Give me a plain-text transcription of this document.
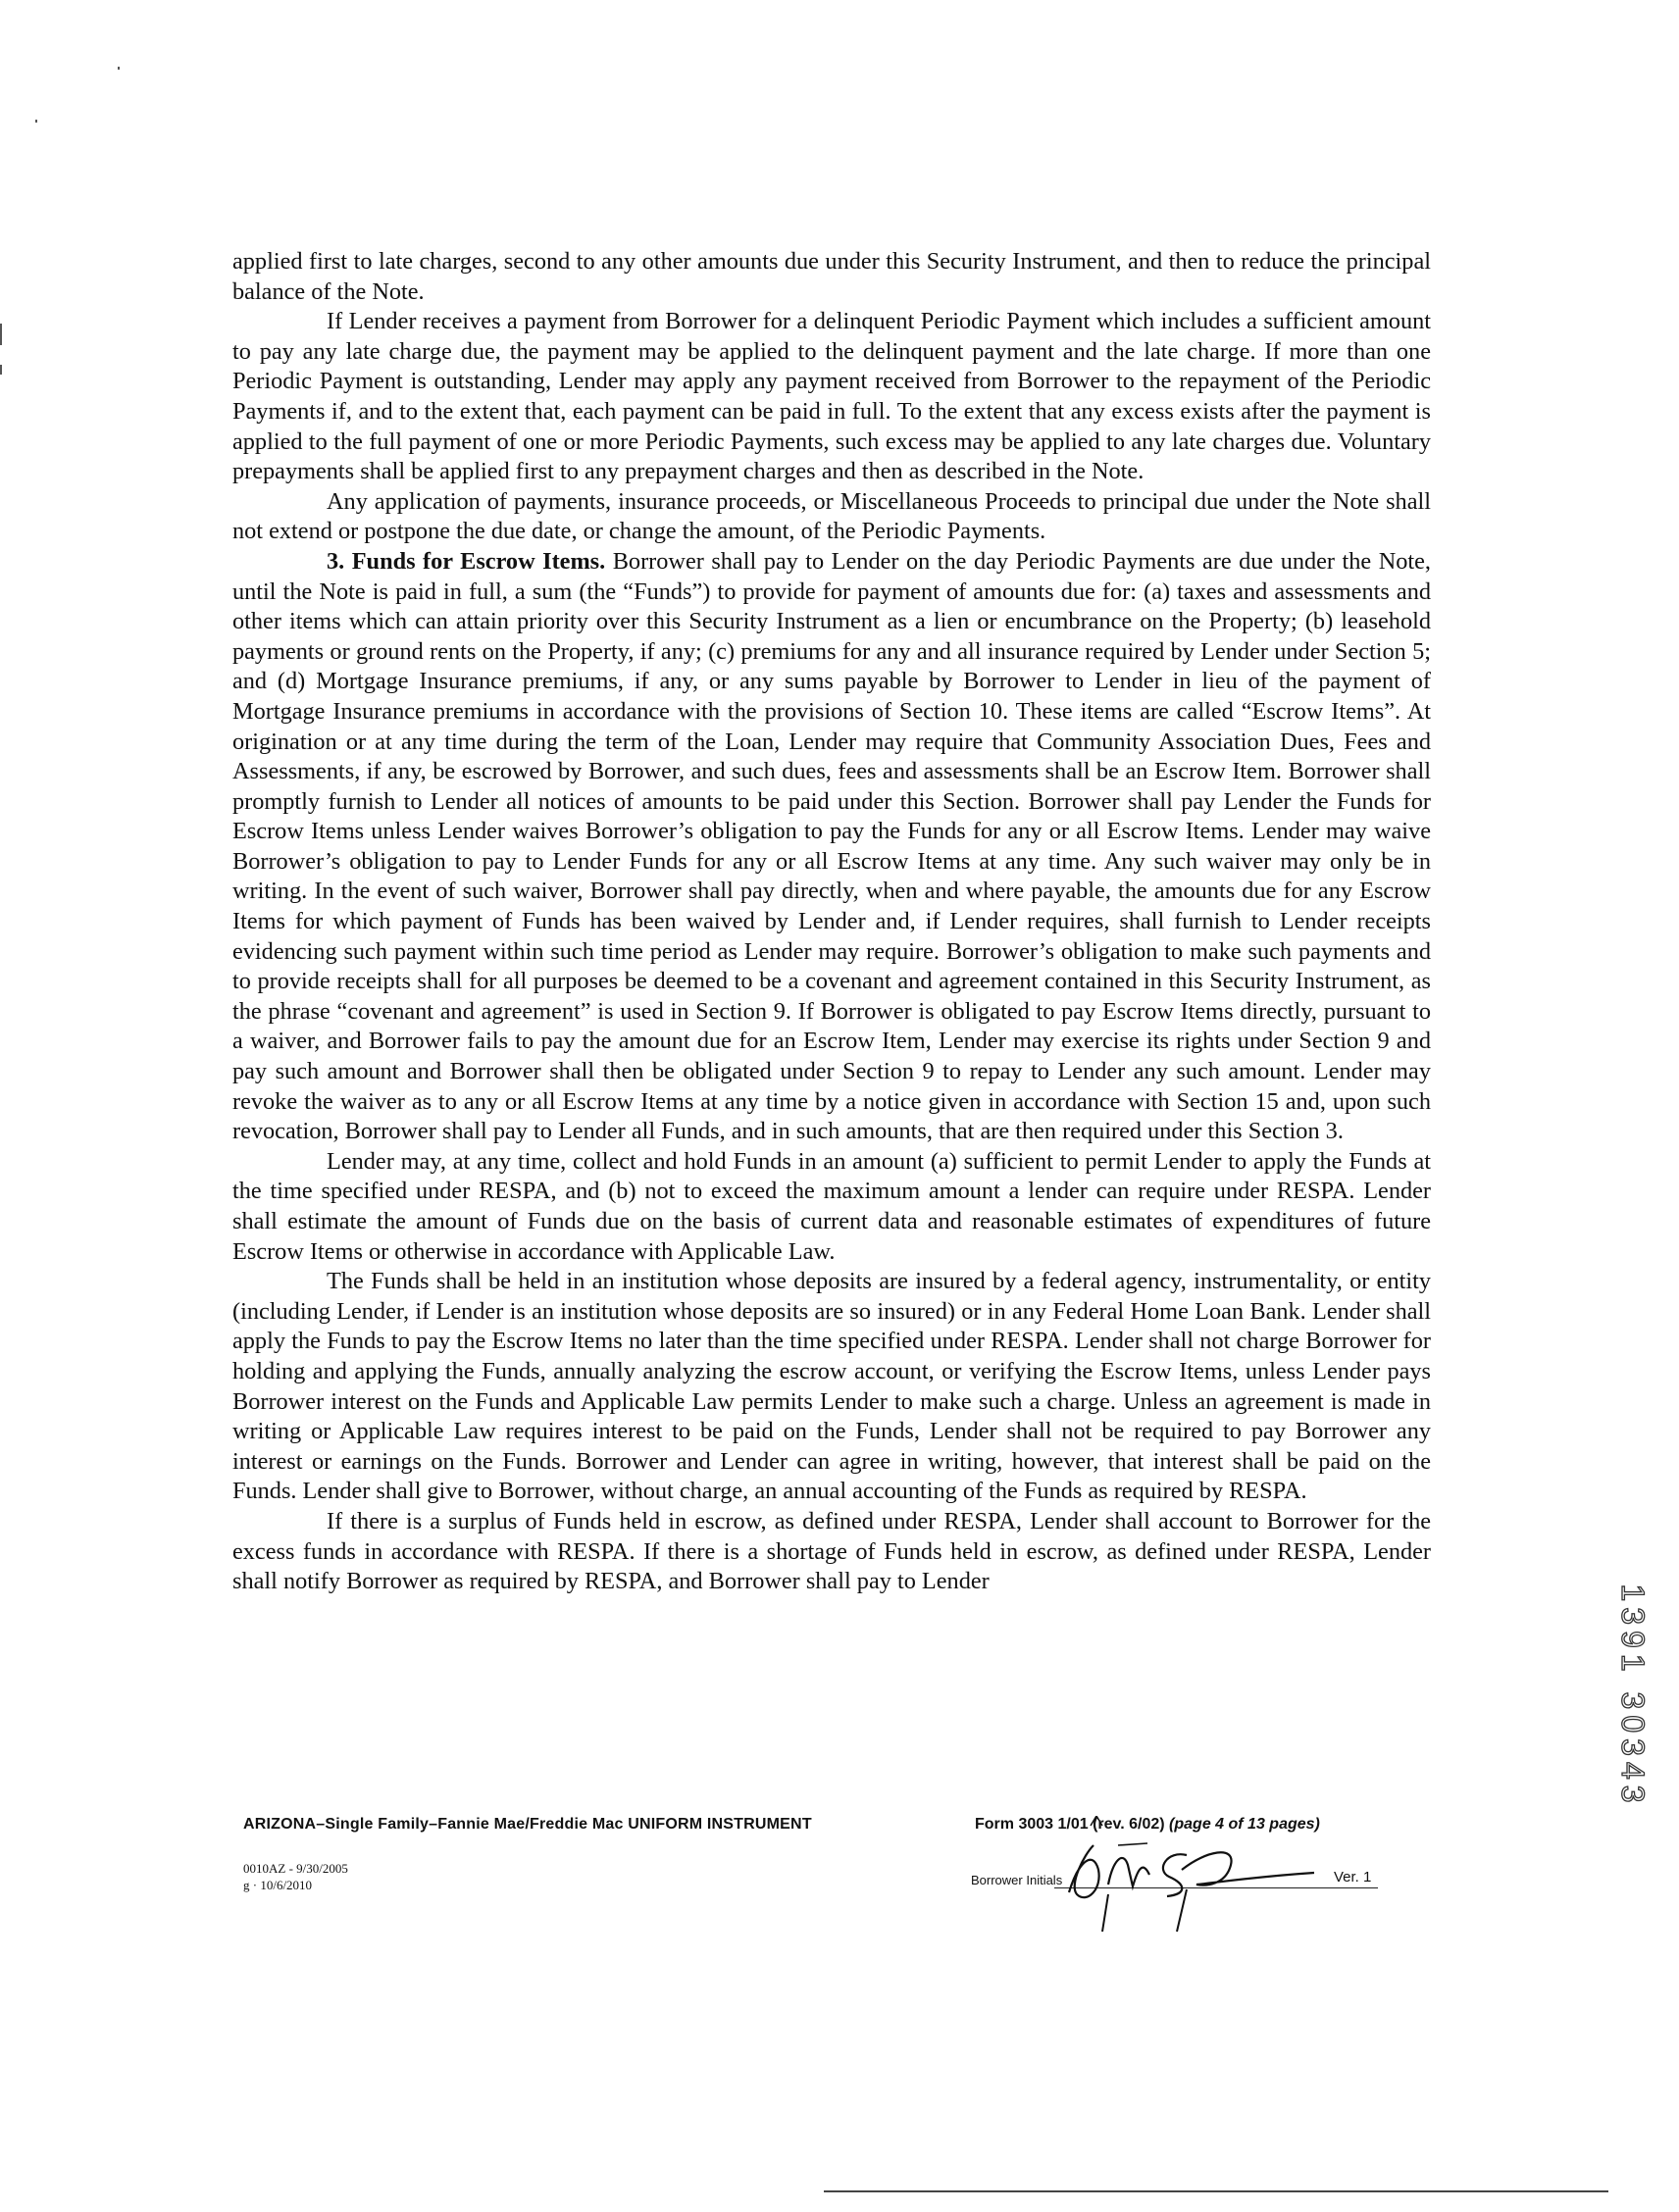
applied first to late charges, second to any other amounts due under this Security Instrument, and then to reduce the principal balance of the Note.

If Lender receives a payment from Borrower for a delinquent Periodic Payment which includes a sufficient amount to pay any late charge due, the payment may be applied to the delinquent payment and the late charge. If more than one Periodic Payment is outstanding, Lender may apply any payment received from Borrower to the repayment of the Periodic Payments if, and to the extent that, each payment can be paid in full. To the extent that any excess exists after the payment is applied to the full payment of one or more Periodic Payments, such excess may be applied to any late charges due. Voluntary prepayments shall be applied first to any prepayment charges and then as described in the Note.

Any application of payments, insurance proceeds, or Miscellaneous Proceeds to principal due under the Note shall not extend or postpone the due date, or change the amount, of the Periodic Payments.

3. Funds for Escrow Items. Borrower shall pay to Lender on the day Periodic Payments are due under the Note, until the Note is paid in full, a sum (the “Funds”) to provide for payment of amounts due for: (a) taxes and assessments and other items which can attain priority over this Security Instrument as a lien or encumbrance on the Property; (b) leasehold payments or ground rents on the Property, if any; (c) premiums for any and all insurance required by Lender under Section 5; and (d) Mortgage Insurance premiums, if any, or any sums payable by Borrower to Lender in lieu of the payment of Mortgage Insurance premiums in accordance with the provisions of Section 10. These items are called “Escrow Items”. At origination or at any time during the term of the Loan, Lender may require that Community Association Dues, Fees and Assessments, if any, be escrowed by Borrower, and such dues, fees and assessments shall be an Escrow Item. Borrower shall promptly furnish to Lender all notices of amounts to be paid under this Section. Borrower shall pay Lender the Funds for Escrow Items unless Lender waives Borrower’s obligation to pay the Funds for any or all Escrow Items. Lender may waive Borrower’s obligation to pay to Lender Funds for any or all Escrow Items at any time. Any such waiver may only be in writing. In the event of such waiver, Borrower shall pay directly, when and where payable, the amounts due for any Escrow Items for which payment of Funds has been waived by Lender and, if Lender requires, shall furnish to Lender receipts evidencing such payment within such time period as Lender may require. Borrower’s obligation to make such payments and to provide receipts shall for all purposes be deemed to be a covenant and agreement contained in this Security Instrument, as the phrase “covenant and agreement” is used in Section 9. If Borrower is obligated to pay Escrow Items directly, pursuant to a waiver, and Borrower fails to pay the amount due for an Escrow Item, Lender may exercise its rights under Section 9 and pay such amount and Borrower shall then be obligated under Section 9 to repay to Lender any such amount. Lender may revoke the waiver as to any or all Escrow Items at any time by a notice given in accordance with Section 15 and, upon such revocation, Borrower shall pay to Lender all Funds, and in such amounts, that are then required under this Section 3.

Lender may, at any time, collect and hold Funds in an amount (a) sufficient to permit Lender to apply the Funds at the time specified under RESPA, and (b) not to exceed the maximum amount a lender can require under RESPA. Lender shall estimate the amount of Funds due on the basis of current data and reasonable estimates of expenditures of future Escrow Items or otherwise in accordance with Applicable Law.

The Funds shall be held in an institution whose deposits are insured by a federal agency, instrumentality, or entity (including Lender, if Lender is an institution whose deposits are so insured) or in any Federal Home Loan Bank. Lender shall apply the Funds to pay the Escrow Items no later than the time specified under RESPA. Lender shall not charge Borrower for holding and applying the Funds, annually analyzing the escrow account, or verifying the Escrow Items, unless Lender pays Borrower interest on the Funds and Applicable Law permits Lender to make such a charge. Unless an agreement is made in writing or Applicable Law requires interest to be paid on the Funds, Lender shall not be required to pay Borrower any interest or earnings on the Funds. Borrower and Lender can agree in writing, however, that interest shall be paid on the Funds. Lender shall give to Borrower, without charge, an annual accounting of the Funds as required by RESPA.

If there is a surplus of Funds held in escrow, as defined under RESPA, Lender shall account to Borrower for the excess funds in accordance with RESPA. If there is a shortage of Funds held in escrow, as defined under RESPA, Lender shall notify Borrower as required by RESPA, and Borrower shall pay to Lender

ARIZONA–Single Family–Fannie Mae/Freddie Mac UNIFORM INSTRUMENT	Form 3003 1/01 (rev. 6/02) (page 4 of 13 pages)
0010AZ - 9/30/2005
g · 10/6/2010	Borrower Initials	Ver. 1
1391 30343
